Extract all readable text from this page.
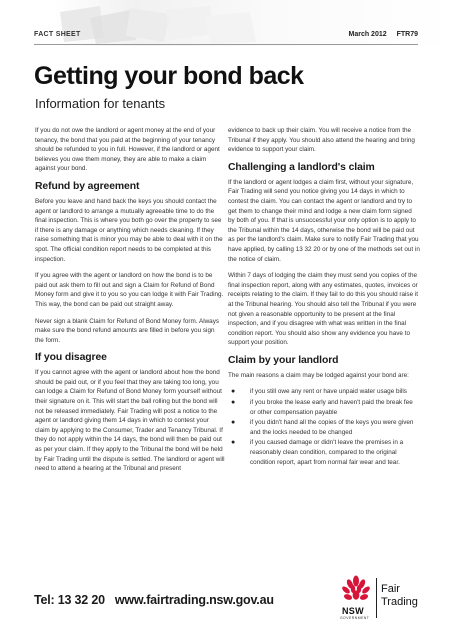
FACT SHEET	March 2012 FTR79
Getting your bond back
Information for tenants

If you do not owe the landlord or agent money at the end of your tenancy, the bond that you paid at the beginning of your tenancy should be refunded to you in full. However, if the landlord or agent believes you owe them money, they are able to make a claim against your bond.

Refund by agreement

Before you leave and hand back the keys you should contact the agent or landlord to arrange a mutually agreeable time to do the final inspection. This is where you both go over the property to see if there is any damage or anything which needs cleaning. If they raise something that is minor you may be able to deal with it on the spot. The official condition report needs to be completed at this inspection.

If you agree with the agent or landlord on how the bond is to be paid out ask them to fill out and sign a Claim for Refund of Bond Money form and give it to you so you can lodge it with Fair Trading. This way, the bond can be paid out straight away.

Never sign a blank Claim for Refund of Bond Money form. Always make sure the bond refund amounts are filled in before you sign the form.

If you disagree

If you cannot agree with the agent or landlord about how the bond should be paid out, or if you feel that they are taking too long, you can lodge a Claim for Refund of Bond Money form yourself without their signature on it. This will start the ball rolling but the bond will not be released immediately. Fair Trading will post a notice to the agent or landlord giving them 14 days in which to contest your claim by applying to the Consumer, Trader and Tenancy Tribunal. If they do not apply within the 14 days, the bond will then be paid out as per your claim. If they apply to the Tribunal the bond will be held by Fair Trading until the dispute is settled. The landlord or agent will need to attend a hearing at the Tribunal and present

evidence to back up their claim. You will receive a notice from the Tribunal if they apply. You should also attend the hearing and bring evidence to support your claim.

Challenging a landlord's claim

If the landlord or agent lodges a claim first, without your signature, Fair Trading will send you notice giving you 14 days in which to contest the claim. You can contact the agent or landlord and try to get them to change their mind and lodge a new claim form signed by both of you. If that is unsuccessful your only option is to apply to the Tribunal within the 14 days, otherwise the bond will be paid out as per the landlord's claim. Make sure to notify Fair Trading that you have applied, by calling 13 32 20 or by one of the methods set out in the notice of claim.

Within 7 days of lodging the claim they must send you copies of the final inspection report, along with any estimates, quotes, invoices or receipts relating to the claim. If they fail to do this you should raise it at the Tribunal hearing. You should also tell the Tribunal if you were not given a reasonable opportunity to be present at the final inspection, and if you disagree with what was written in the final condition report. You should also show any evidence you have to support your position.

Claim by your landlord

The main reasons a claim may be lodged against your bond are:

● if you still owe any rent or have unpaid water usage bills
● if you broke the lease early and haven't paid the break fee or other compensation payable
● if you didn't hand all the copies of the keys you were given and the locks needed to be changed
● if you caused damage or didn't leave the premises in a reasonably clean condition, compared to the original condition report, apart from normal fair wear and tear.
Tel: 13 32 20 www.fairtrading.nsw.gov.au
NSW
GOVERNMENT
Fair
Trading
